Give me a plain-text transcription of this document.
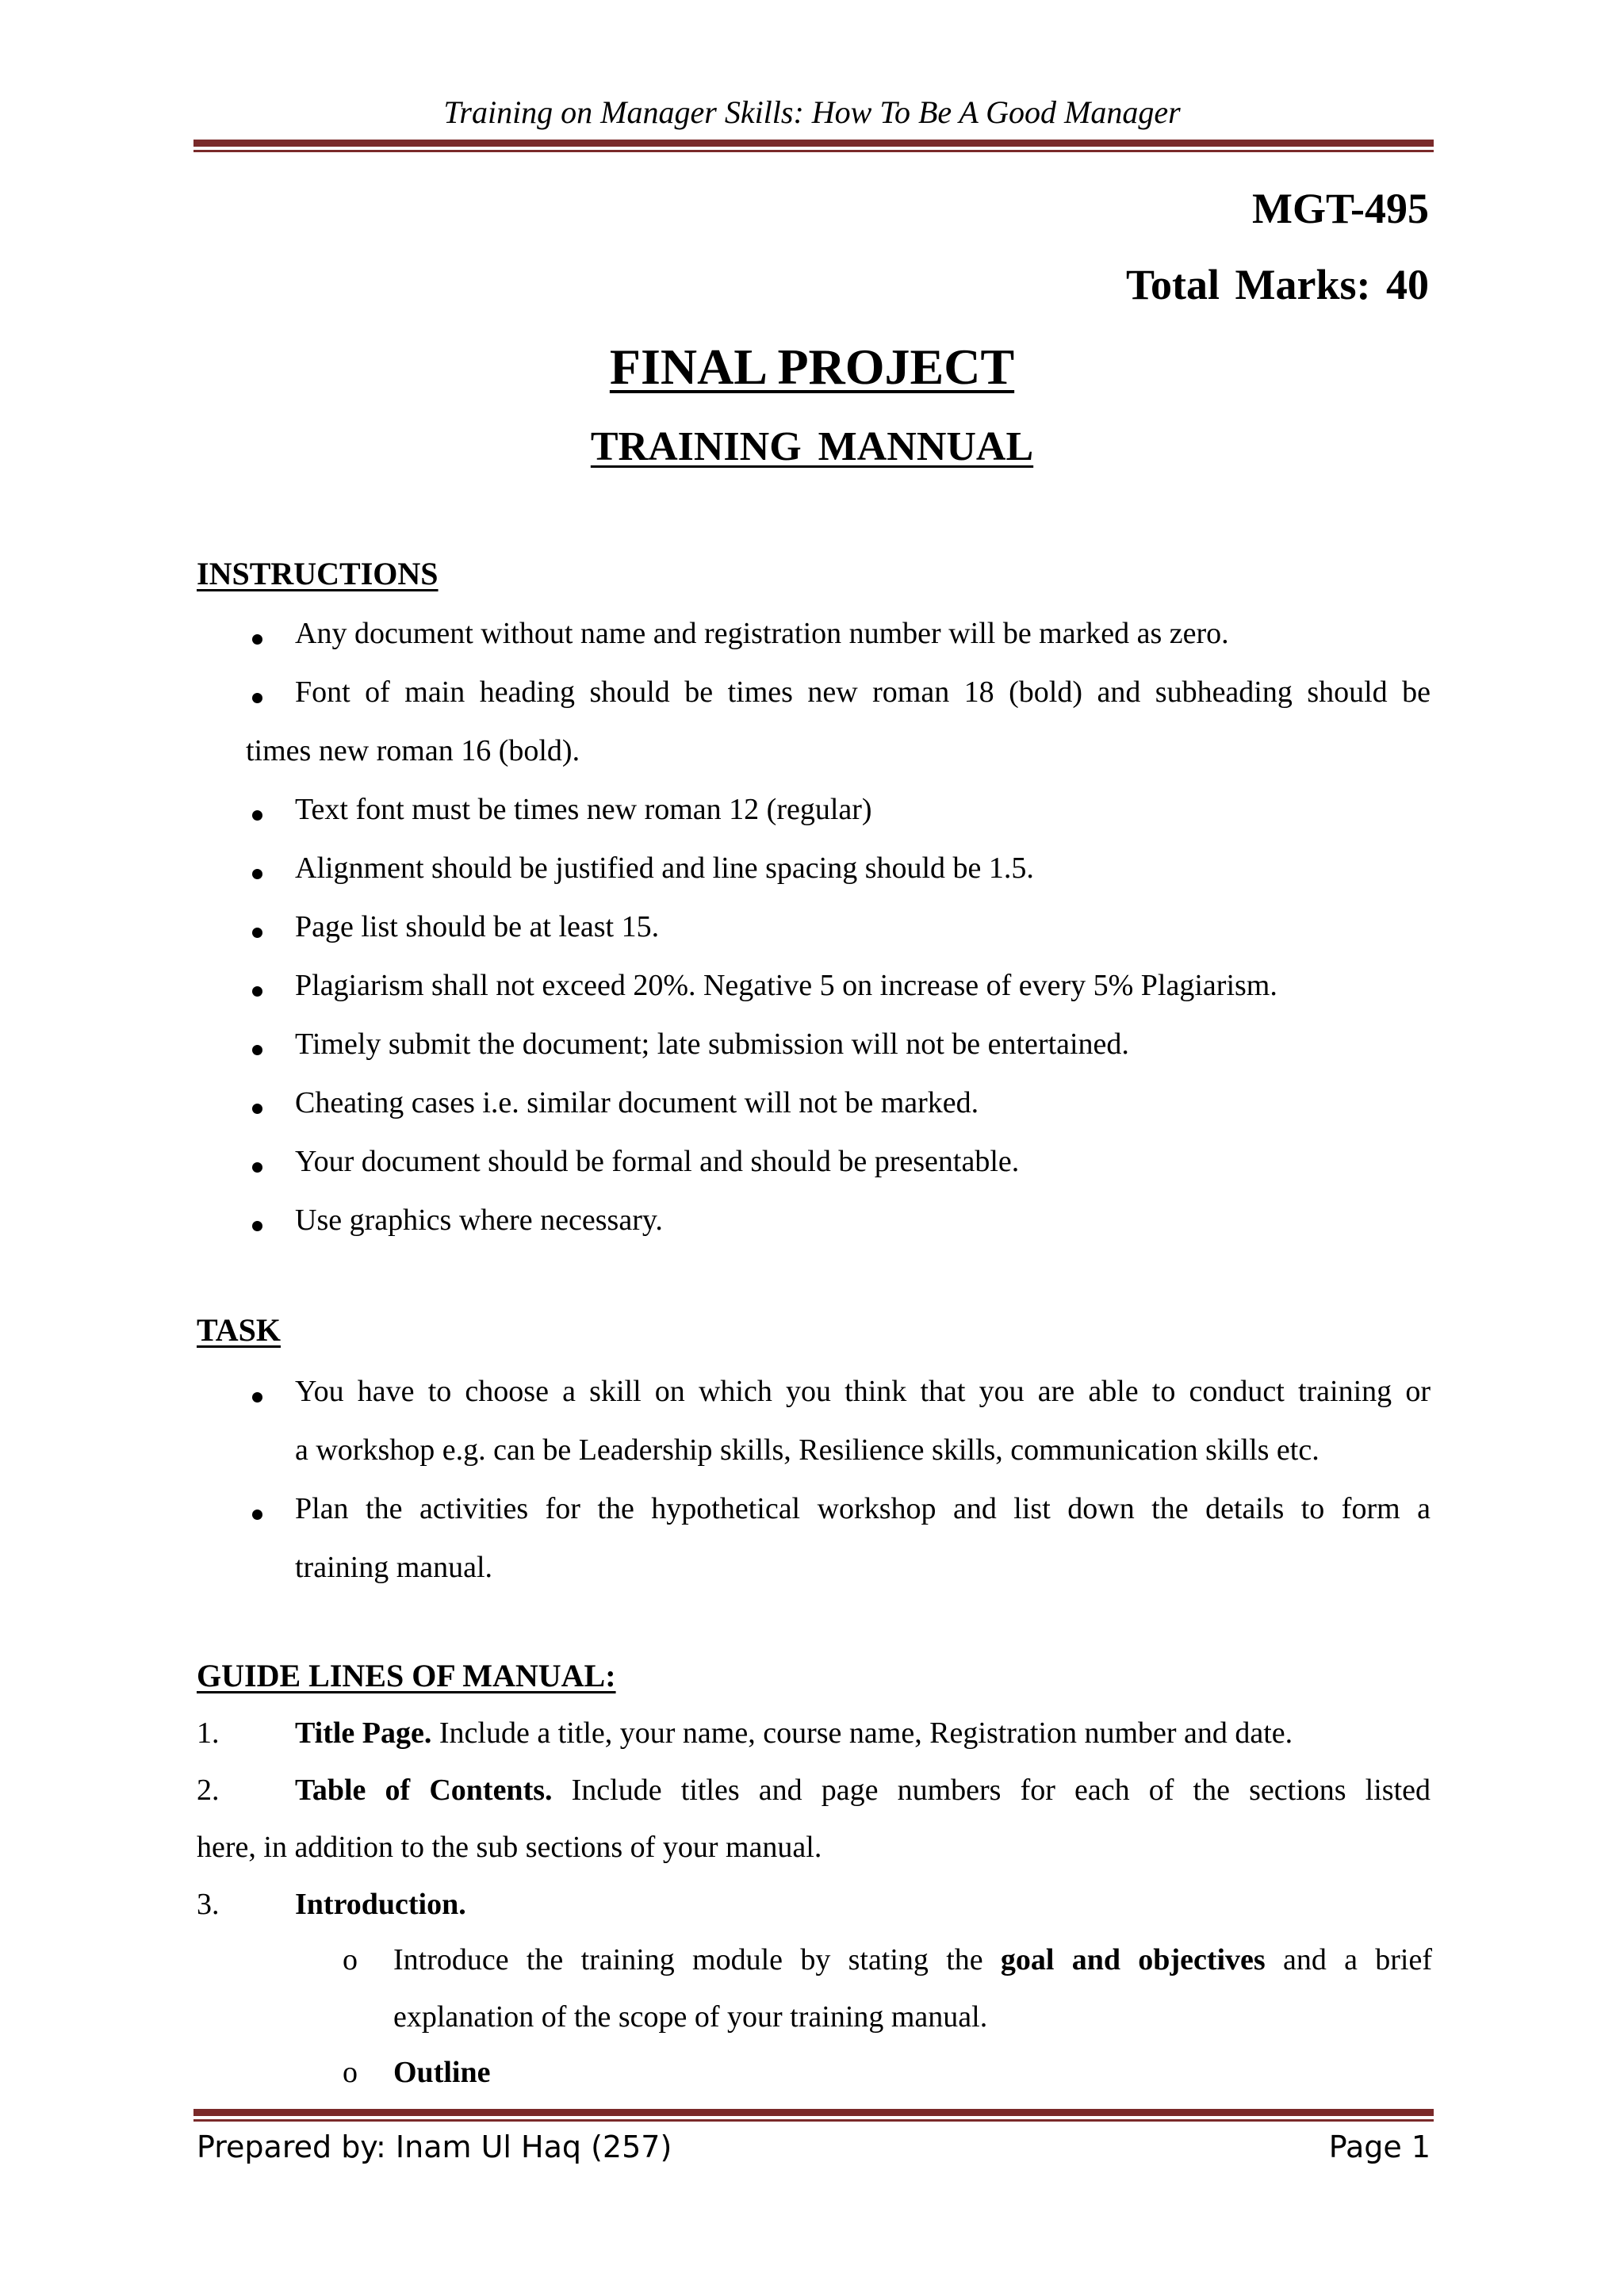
Training on Manager Skills: How To Be A Good Manager
MGT-495
Total Marks: 40
FINAL PROJECT
TRAINING MANNUAL
INSTRUCTIONS
Any document without name and registration number will be marked as zero.
Font of main heading should be times new roman 18 (bold) and subheading should be
times new roman 16 (bold).
Text font must be times new roman 12 (regular)
Alignment should be justified and line spacing should be 1.5.
Page list should be at least 15.
Plagiarism shall not exceed 20%. Negative 5 on increase of every 5% Plagiarism.
Timely submit the document; late submission will not be entertained.
Cheating cases i.e. similar document will not be marked.
Your document should be formal and should be presentable.
Use graphics where necessary.
TASK
You have to choose a skill on which you think that you are able to conduct training or
a workshop e.g. can be Leadership skills, Resilience skills, communication skills etc.
Plan the activities for the hypothetical workshop and list down the details to form a
training manual.
GUIDE LINES OF MANUAL:
1.	Title Page. Include a title, your name, course name, Registration number and date.
2.	Table of Contents. Include titles and page numbers for each of the sections listed
here, in addition to the sub sections of your manual.
3.	Introduction.
o Introduce the training module by stating the goal and objectives and a brief
explanation of the scope of your training manual.
o Outline
Prepared by: Inam Ul Haq (257)	Page 1
